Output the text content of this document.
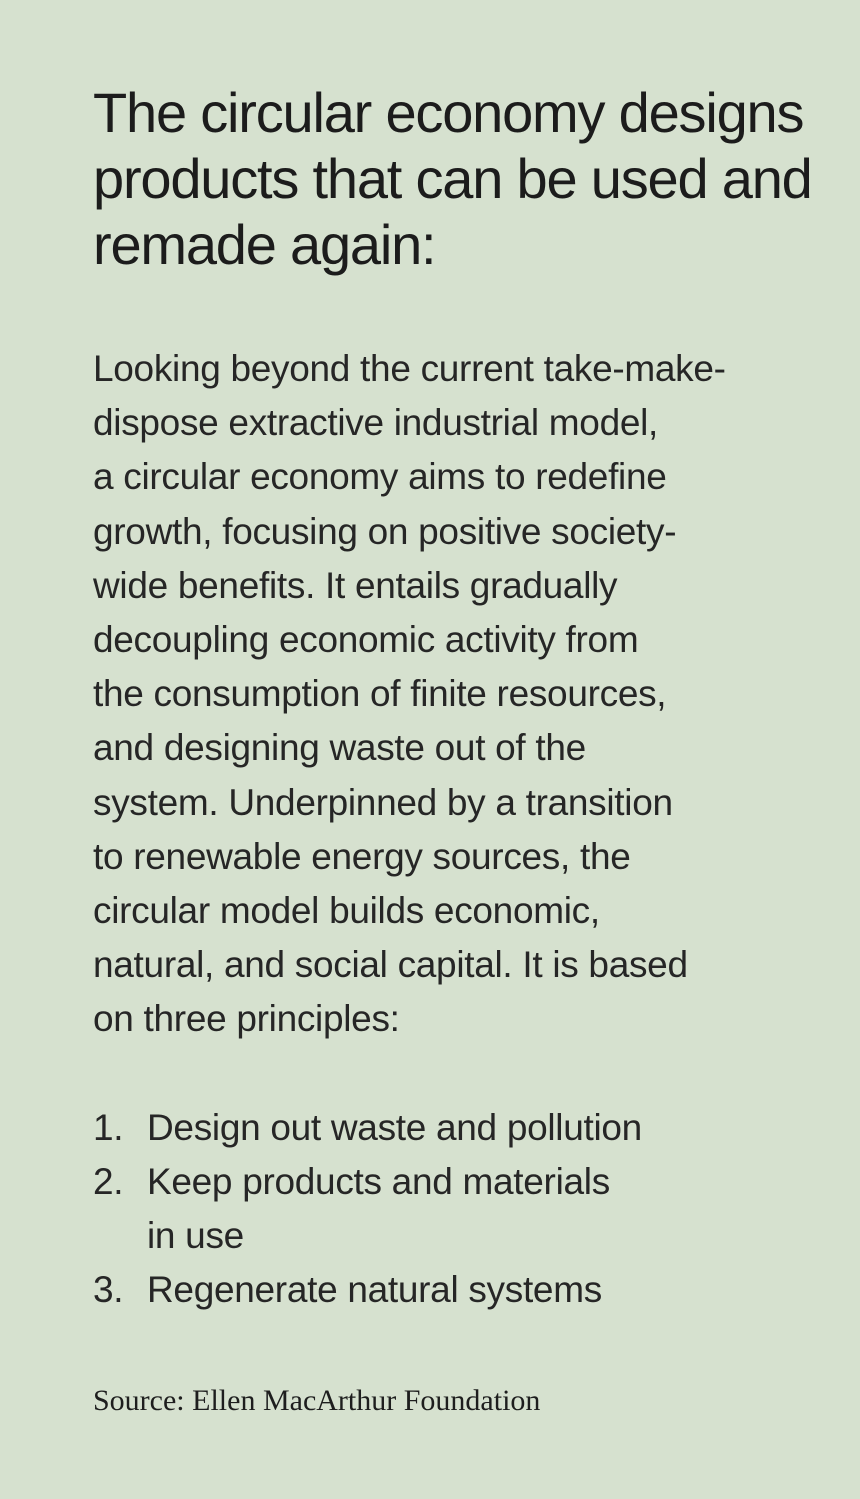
The circular economy designs products that can be used and remade again:

Looking beyond the current take-make-
dispose extractive industrial model,
a circular economy aims to redefine
growth, focusing on positive society-
wide benefits. It entails gradually
decoupling economic activity from
the consumption of finite resources,
and designing waste out of the
system. Underpinned by a transition
to renewable energy sources, the
circular model builds economic,
natural, and social capital. It is based
on three principles:

1. Design out waste and pollution
2. Keep products and materials
in use
3. Regenerate natural systems

Source: Ellen MacArthur Foundation
